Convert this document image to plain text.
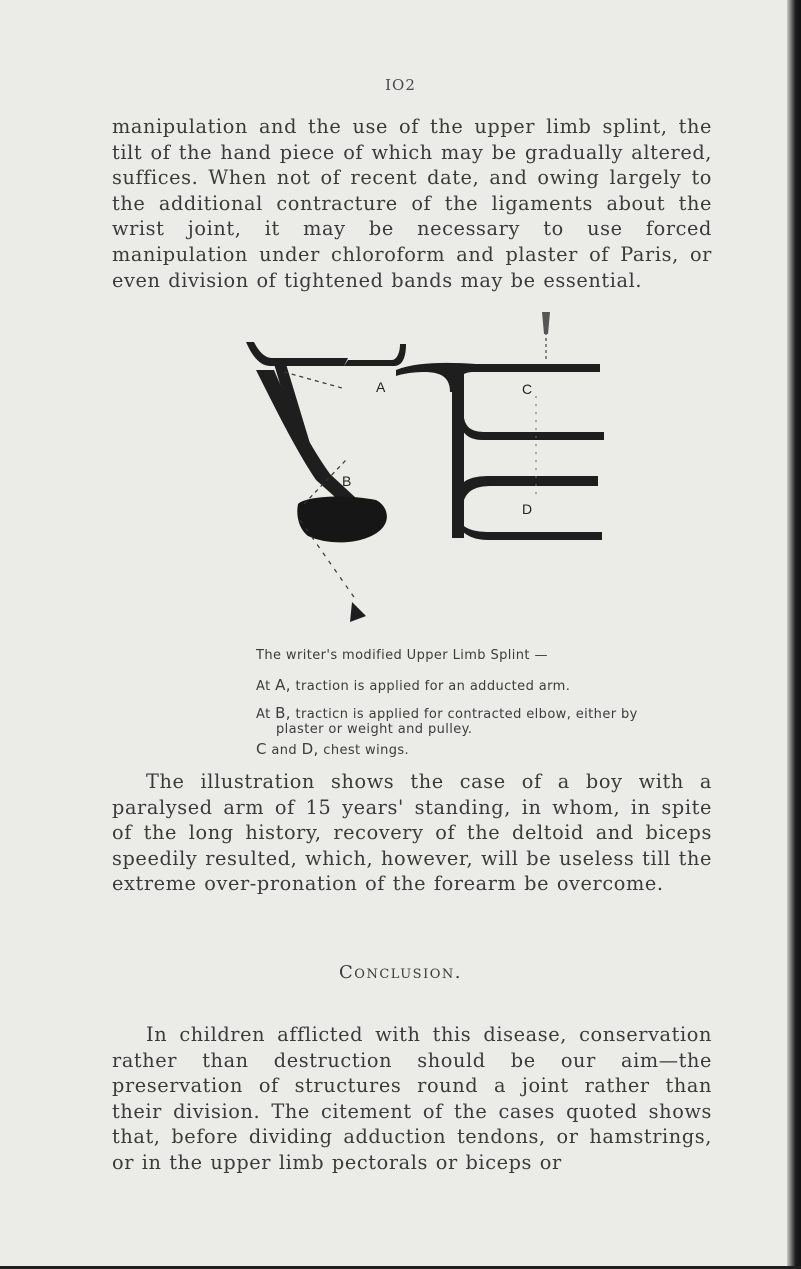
IO2

manipulation and the use of the upper limb splint, the tilt of the hand piece of which may be gradually altered, suffices. When not of recent date, and owing largely to the additional contracture of the ligaments about the wrist joint, it may be necessary to use forced manipulation under chloroform and plaster of Paris, or even division of tightened bands may be essential.

A
B
C
D
The writer's modified Upper Limb Splint —
At A, traction is applied for an adducted arm.
At B, tracticn is applied for contracted elbow, either by
plaster or weight and pulley.
C and D, chest wings.

The illustration shows the case of a boy with a paralysed arm of 15 years' standing, in whom, in spite of the long history, recovery of the deltoid and biceps speedily resulted, which, however, will be useless till the extreme over-pronation of the forearm be overcome.

Conclusion.

In children afflicted with this disease, conservation rather than destruction should be our aim—the preservation of structures round a joint rather than their division. The citement of the cases quoted shows that, before dividing adduction tendons, or hamstrings, or in the upper limb pectorals or biceps or
